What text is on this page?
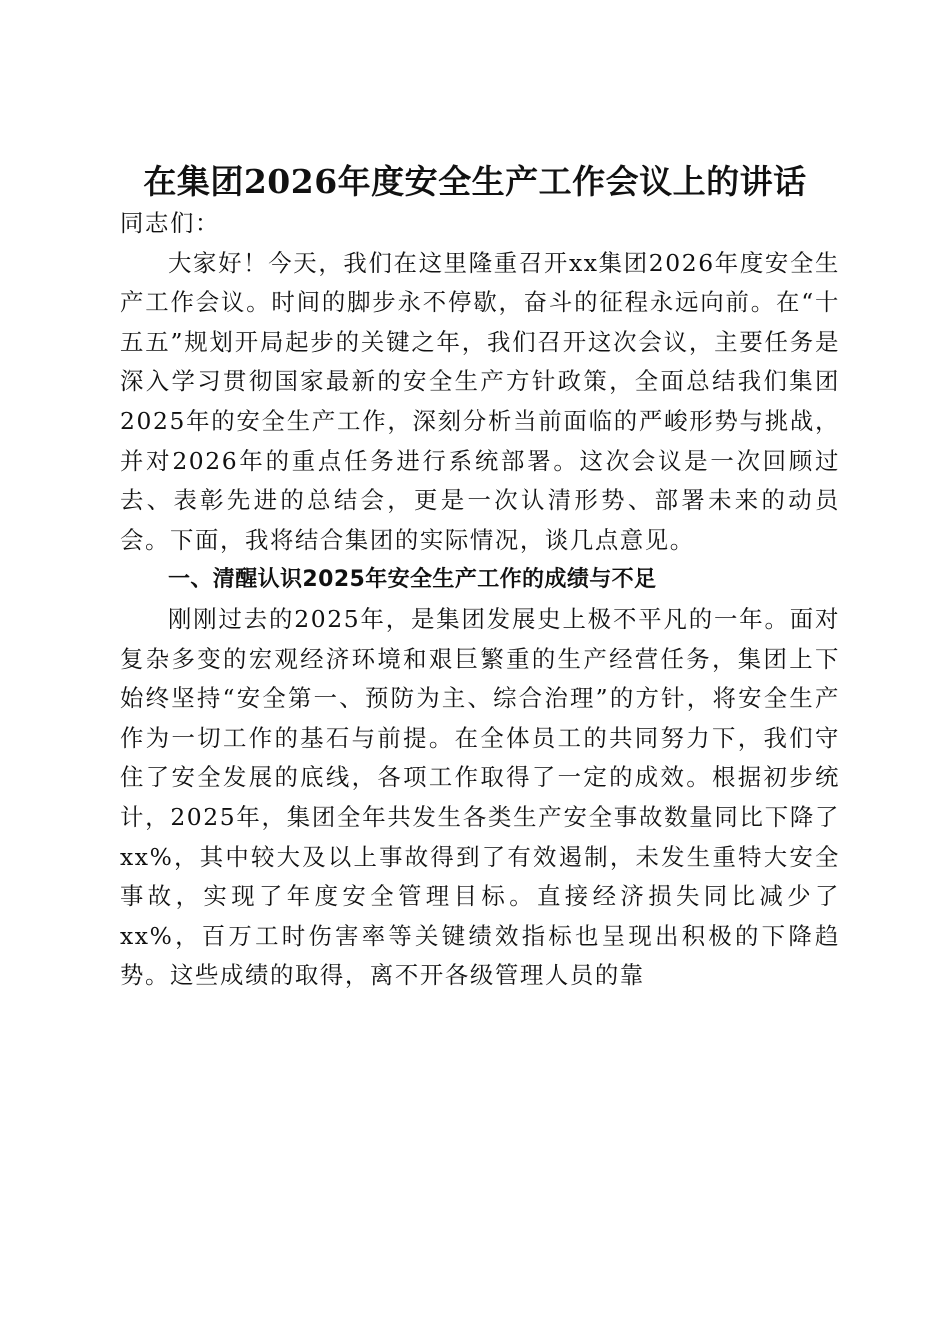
在集团2026年度安全生产工作会议上的讲话

同志们：

大家好！今天，我们在这里隆重召开xx集团2026年度安全生产工作会议。时间的脚步永不停歇，奋斗的征程永远向前。在“十五五”规划开局起步的关键之年，我们召开这次会议，主要任务是深入学习贯彻国家最新的安全生产方针政策，全面总结我们集团2025年的安全生产工作，深刻分析当前面临的严峻形势与挑战，并对2026年的重点任务进行系统部署。这次会议是一次回顾过去、表彰先进的总结会，更是一次认清形势、部署未来的动员会。下面，我将结合集团的实际情况，谈几点意见。

一、清醒认识2025年安全生产工作的成绩与不足

刚刚过去的2025年，是集团发展史上极不平凡的一年。面对复杂多变的宏观经济环境和艰巨繁重的生产经营任务，集团上下始终坚持“安全第一、预防为主、综合治理”的方针，将安全生产作为一切工作的基石与前提。在全体员工的共同努力下，我们守住了安全发展的底线，各项工作取得了一定的成效。根据初步统计，2025年，集团全年共发生各类生产安全事故数量同比下降了xx%，其中较大及以上事故得到了有效遏制，未发生重特大安全事故，实现了年度安全管理目标。直接经济损失同比减少了xx%，百万工时伤害率等关键绩效指标也呈现出积极的下降趋势。这些成绩的取得，离不开各级管理人员的靠
